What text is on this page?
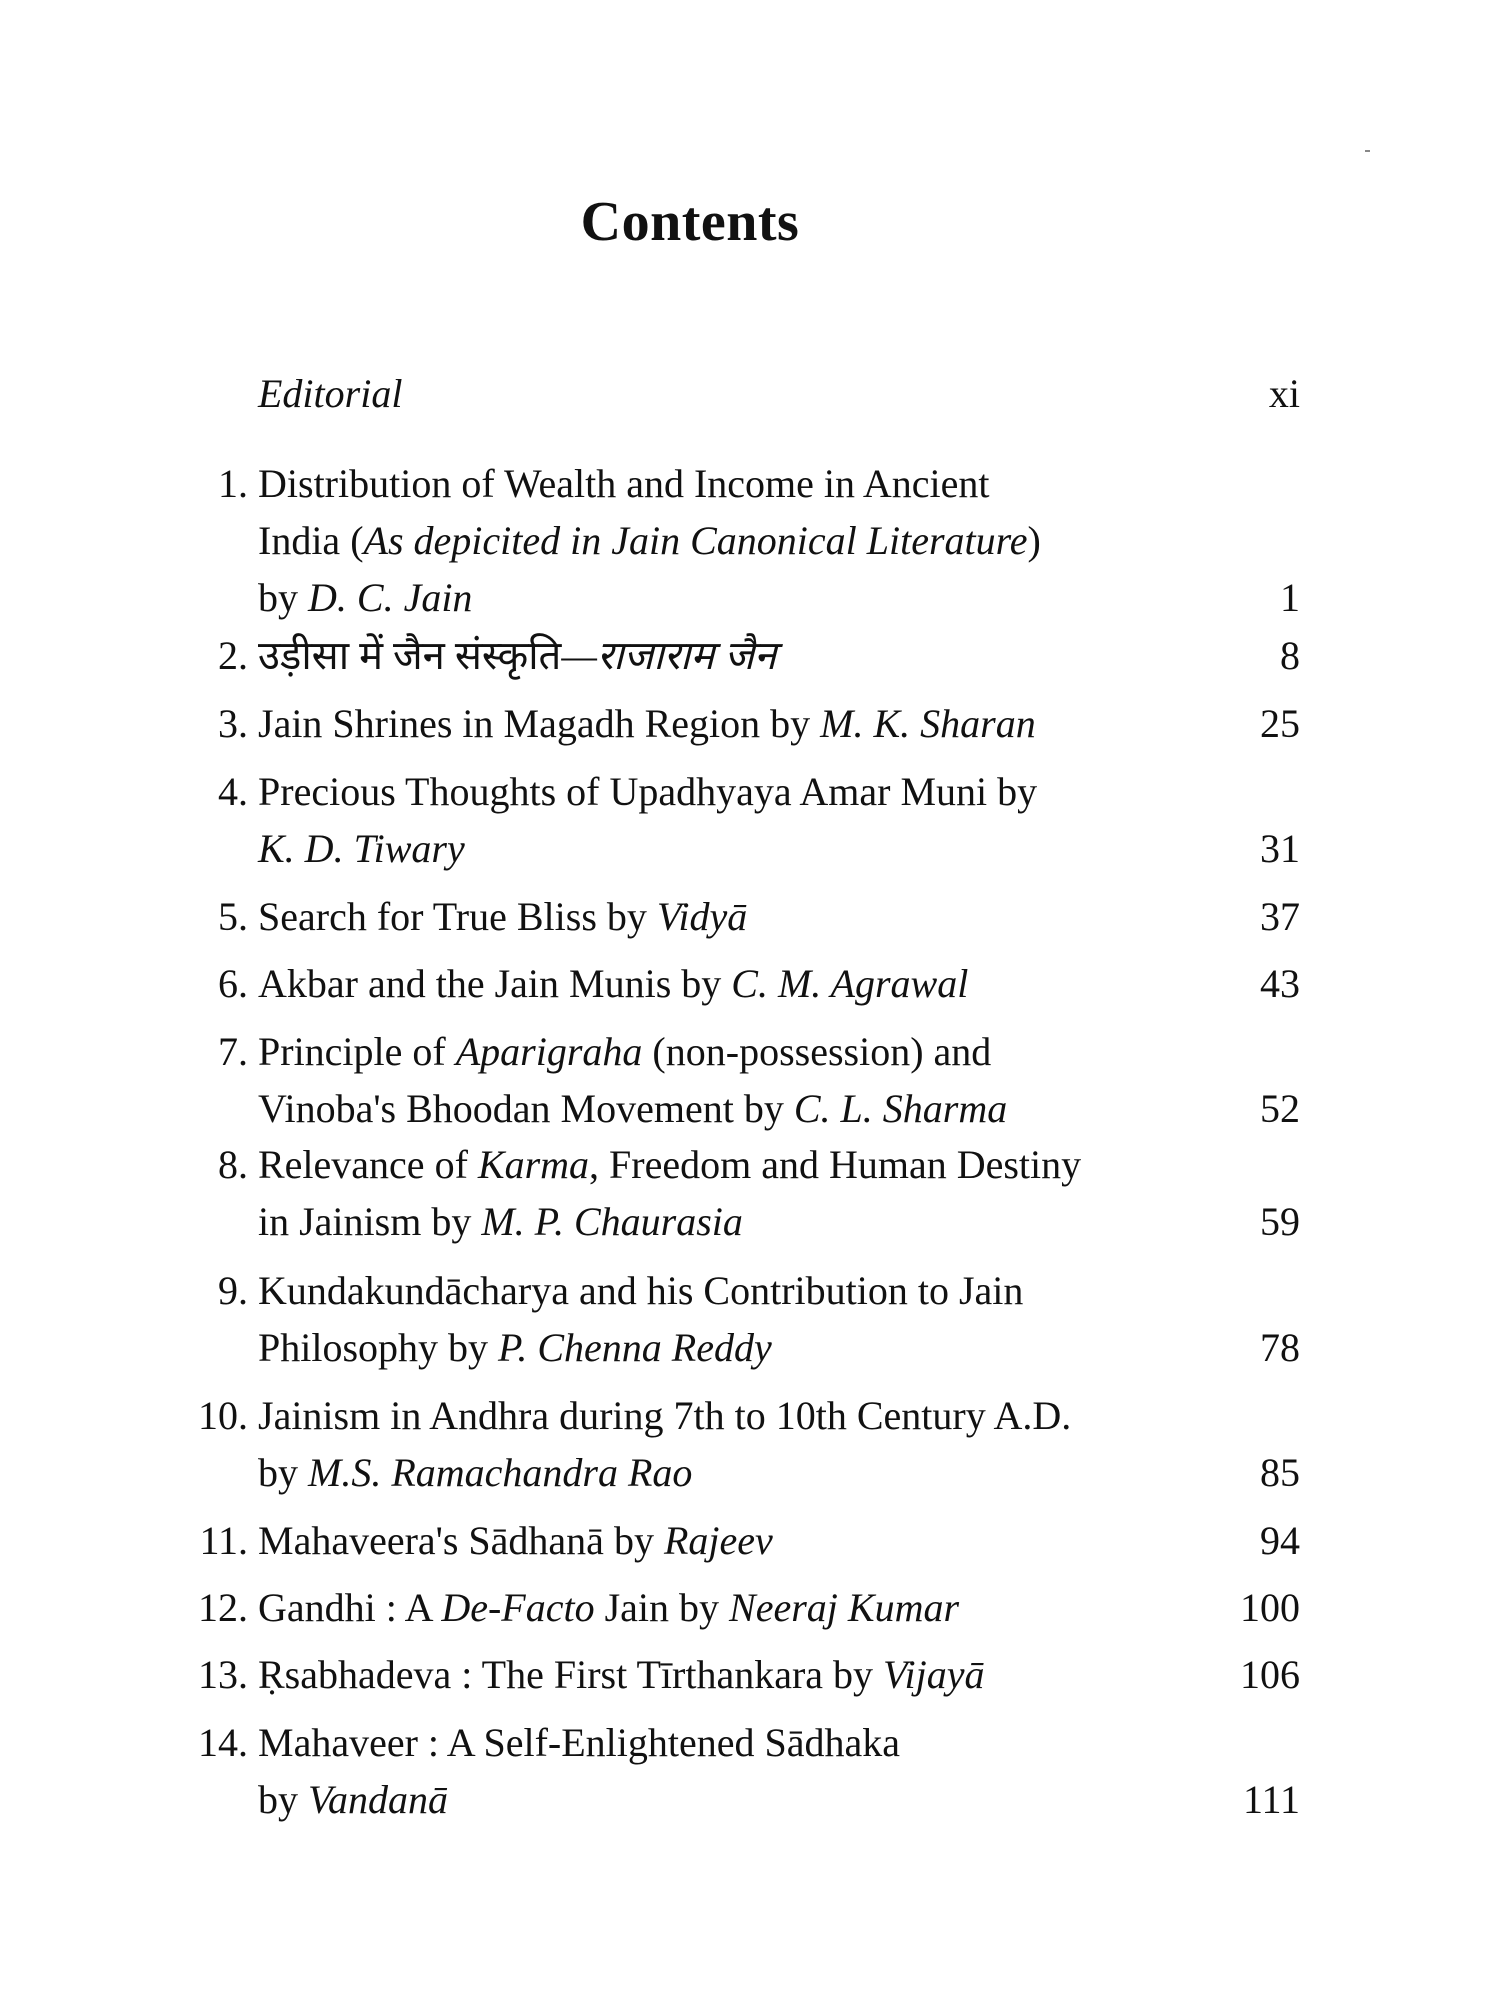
Contents
Editorial	xi
1. Distribution of Wealth and Income in Ancient
India (As depicited in Jain Canonical Literature)
by D. C. Jain	1
2. उड़ीसा में जैन संस्कृति—राजाराम जैन	8
3. Jain Shrines in Magadh Region by M. K. Sharan	25
4. Precious Thoughts of Upadhyaya Amar Muni by
K. D. Tiwary	31
5. Search for True Bliss by Vidyā	37
6. Akbar and the Jain Munis by C. M. Agrawal	43
7. Principle of Aparigraha (non-possession) and
Vinoba's Bhoodan Movement by C. L. Sharma	52
8. Relevance of Karma, Freedom and Human Destiny
in Jainism by M. P. Chaurasia	59
9. Kundakundācharya and his Contribution to Jain
Philosophy by P. Chenna Reddy	78
10. Jainism in Andhra during 7th to 10th Century A.D.
by M.S. Ramachandra Rao	85
11. Mahaveera's Sādhanā by Rajeev	94
12. Gandhi : A De-Facto Jain by Neeraj Kumar	100
13. Ṛsabhadeva : The First Tīrthankara by Vijayā	106
14. Mahaveer : A Self-Enlightened Sādhaka
by Vandanā	111
